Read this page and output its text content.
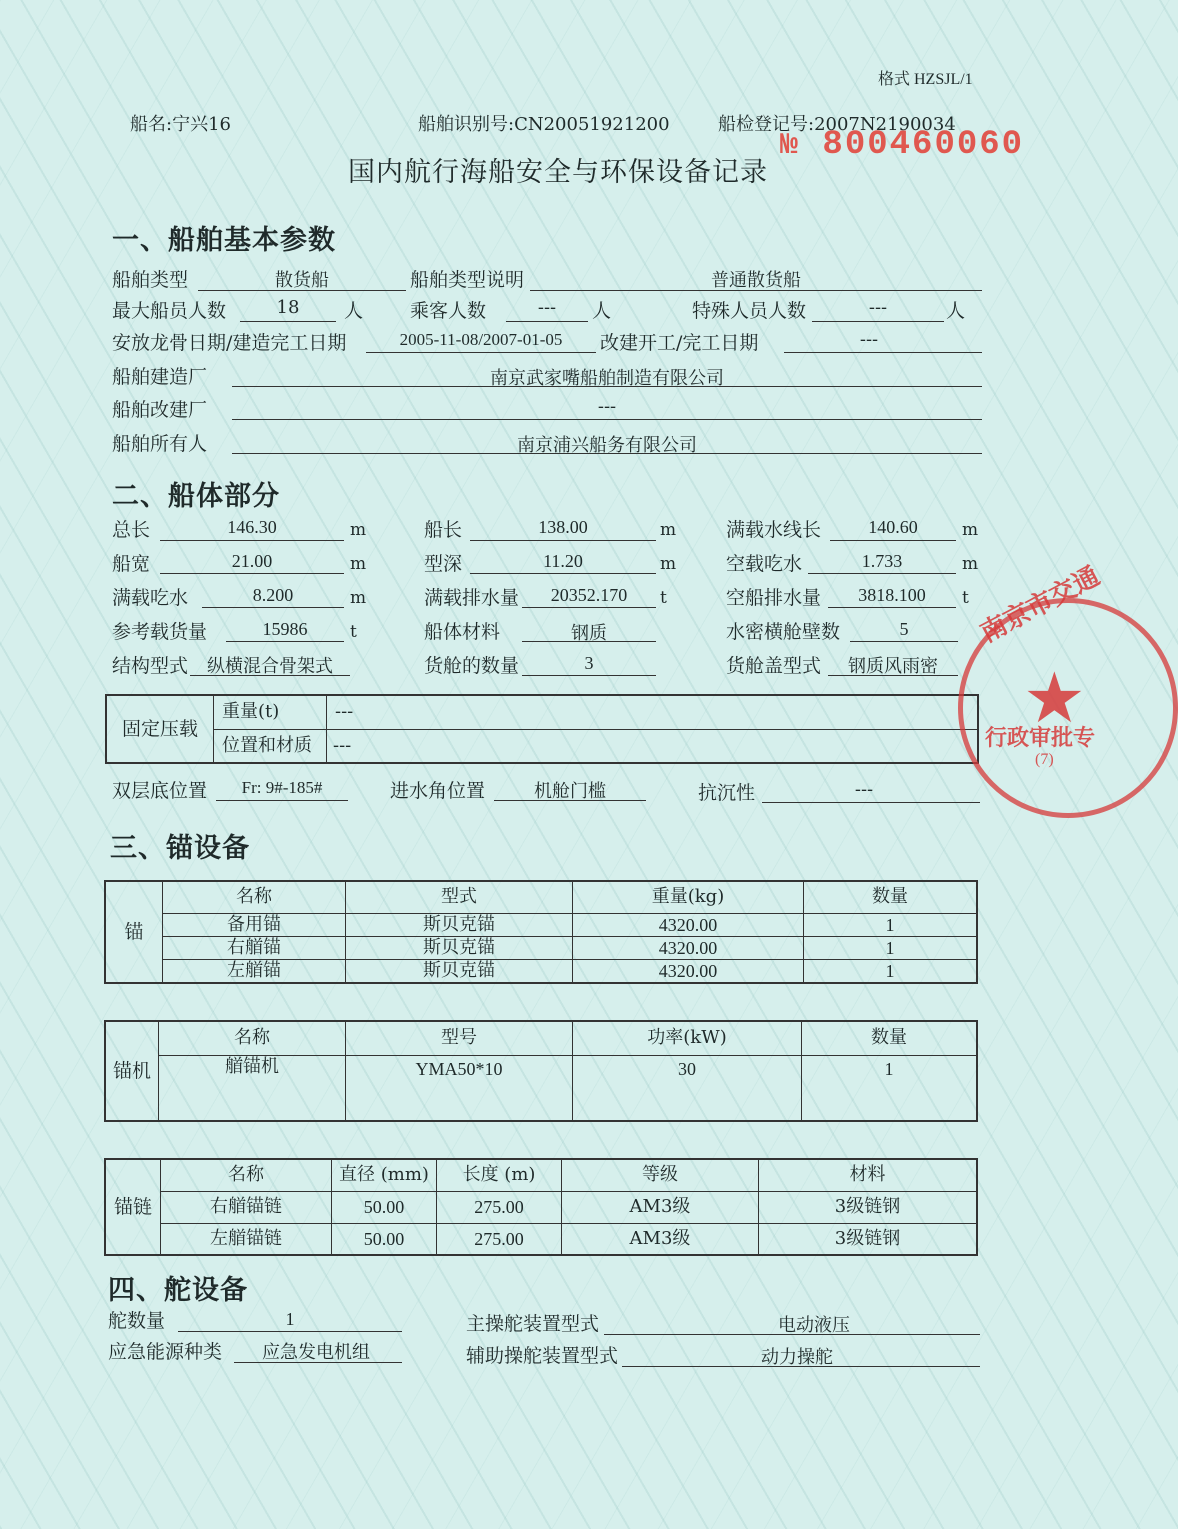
格式 HZSJL/1
船名:宁兴16	船舶识别号:CN20051921200	船检登记号:2007N2190034
№ 800460060
国内航行海船安全与环保设备记录
一、船舶基本参数
船舶类型	散货船	船舶类型说明	普通散货船
最大船员人数	18	人 乘客人数	---	人	特殊人员人数	---	人
安放龙骨日期/建造完工日期	2005-11-08/2007-01-05	改建开工/完工日期	---
船舶建造厂	南京武家嘴船舶制造有限公司
船舶改建厂	---
船舶所有人	南京浦兴船务有限公司
二、船体部分
总长	146.30	m	船长	138.00	m	满载水线长	140.60	m
船宽	21.00	m	型深	11.20	m	空载吃水	1.733	m
满载吃水	8.200	m	满载排水量	20352.170	t	空船排水量	3818.100	t
参考载货量	15986	t	船体材料	钢质	水密横舱壁数	5
结构型式	纵横混合骨架式	货舱的数量	3	货舱盖型式	钢质风雨密
固定压载	重量(t)	---
	位置和材质	---
双层底位置	Fr: 9#-185#	进水角位置	机舱门槛	抗沉性	---
三、锚设备
锚	名称	型式	重量(kg)	数量
	备用锚	斯贝克锚	4320.00	1
	右艏锚	斯贝克锚	4320.00	1
	左艏锚	斯贝克锚	4320.00	1
锚机	名称	型号	功率(kW)	数量
	艏锚机	YMA50*10	30	1
锚链	名称	直径 (mm)	长度 (m)	等级	材料
	右艏锚链	50.00	275.00	AM3级	3级链钢
	左艏锚链	50.00	275.00	AM3级	3级链钢
四、舵设备
舵数量	1	主操舵装置型式	电动液压
应急能源种类	应急发电机组	辅助操舵装置型式	动力操舵
南京市交通
★
行政审批专
(7)
